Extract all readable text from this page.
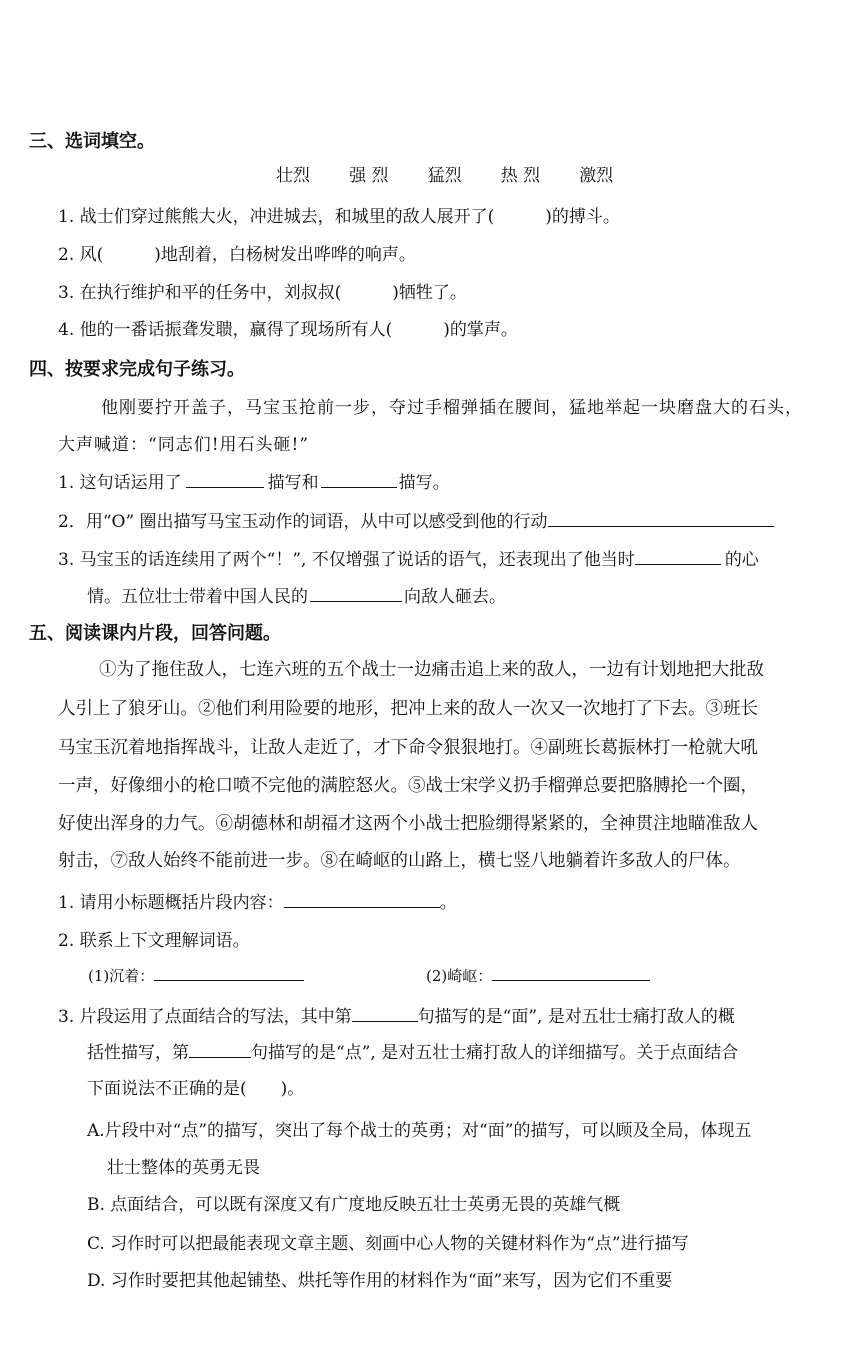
三、选词填空。
壮烈 强 烈 猛烈 热 烈 激烈
1. 战士们穿过熊熊大火，冲进城去，和城里的敌人展开了(　　　)的搏斗。
2. 风(　　　)地刮着，白杨树发出哗哗的响声。
3. 在执行维护和平的任务中，刘叔叔(　　　)牺牲了。
4. 他的一番话振聋发聩，赢得了现场所有人(　　　)的掌声。
四、按要求完成句子练习。
他刚要拧开盖子，马宝玉抢前一步，夺过手榴弹插在腰间，猛地举起一块磨盘大的石头，
大声喊道：“同志们!用石头砸!”
1. 这句话运用了	描写和	描写。
2．用“O” 圈出描写马宝玉动作的词语，从中可以感受到他的行动
3. 马宝玉的话连续用了两个“！”, 不仅增强了说话的语气，还表现出了他当时	的心
情。五位壮士带着中国人民的	向敌人砸去。
五、阅读课内片段，回答问题。
①为了拖住敌人，七连六班的五个战士一边痛击追上来的敌人，一边有计划地把大批敌
人引上了狼牙山。②他们利用险要的地形，把冲上来的敌人一次又一次地打了下去。③班长
马宝玉沉着地指挥战斗，让敌人走近了，才下命令狠狠地打。④副班长葛振林打一枪就大吼
一声，好像细小的枪口喷不完他的满腔怒火。⑤战士宋学义扔手榴弹总要把胳膊抡一个圈，
好使出浑身的力气。⑥胡德林和胡福才这两个小战士把脸绷得紧紧的，全神贯注地瞄准敌人
射击，⑦敌人始终不能前进一步。⑧在崎岖的山路上，横七竖八地躺着许多敌人的尸体。
1. 请用小标题概括片段内容：	。
2. 联系上下文理解词语。
(1)沉着：	(2)崎岖：
3. 片段运用了点面结合的写法，其中第	句描写的是“面”, 是对五壮士痛打敌人的概
括性描写，第	句描写的是“点”, 是对五壮士痛打敌人的详细描写。关于点面结合
下面说法不正确的是(　　)。
A.片段中对“点”的描写，突出了每个战士的英勇；对“面”的描写，可以顾及全局，体现五
壮士整体的英勇无畏
B. 点面结合，可以既有深度又有广度地反映五壮士英勇无畏的英雄气概
C. 习作时可以把最能表现文章主题、刻画中心人物的关键材料作为“点”进行描写
D. 习作时要把其他起铺垫、烘托等作用的材料作为“面”来写，因为它们不重要
